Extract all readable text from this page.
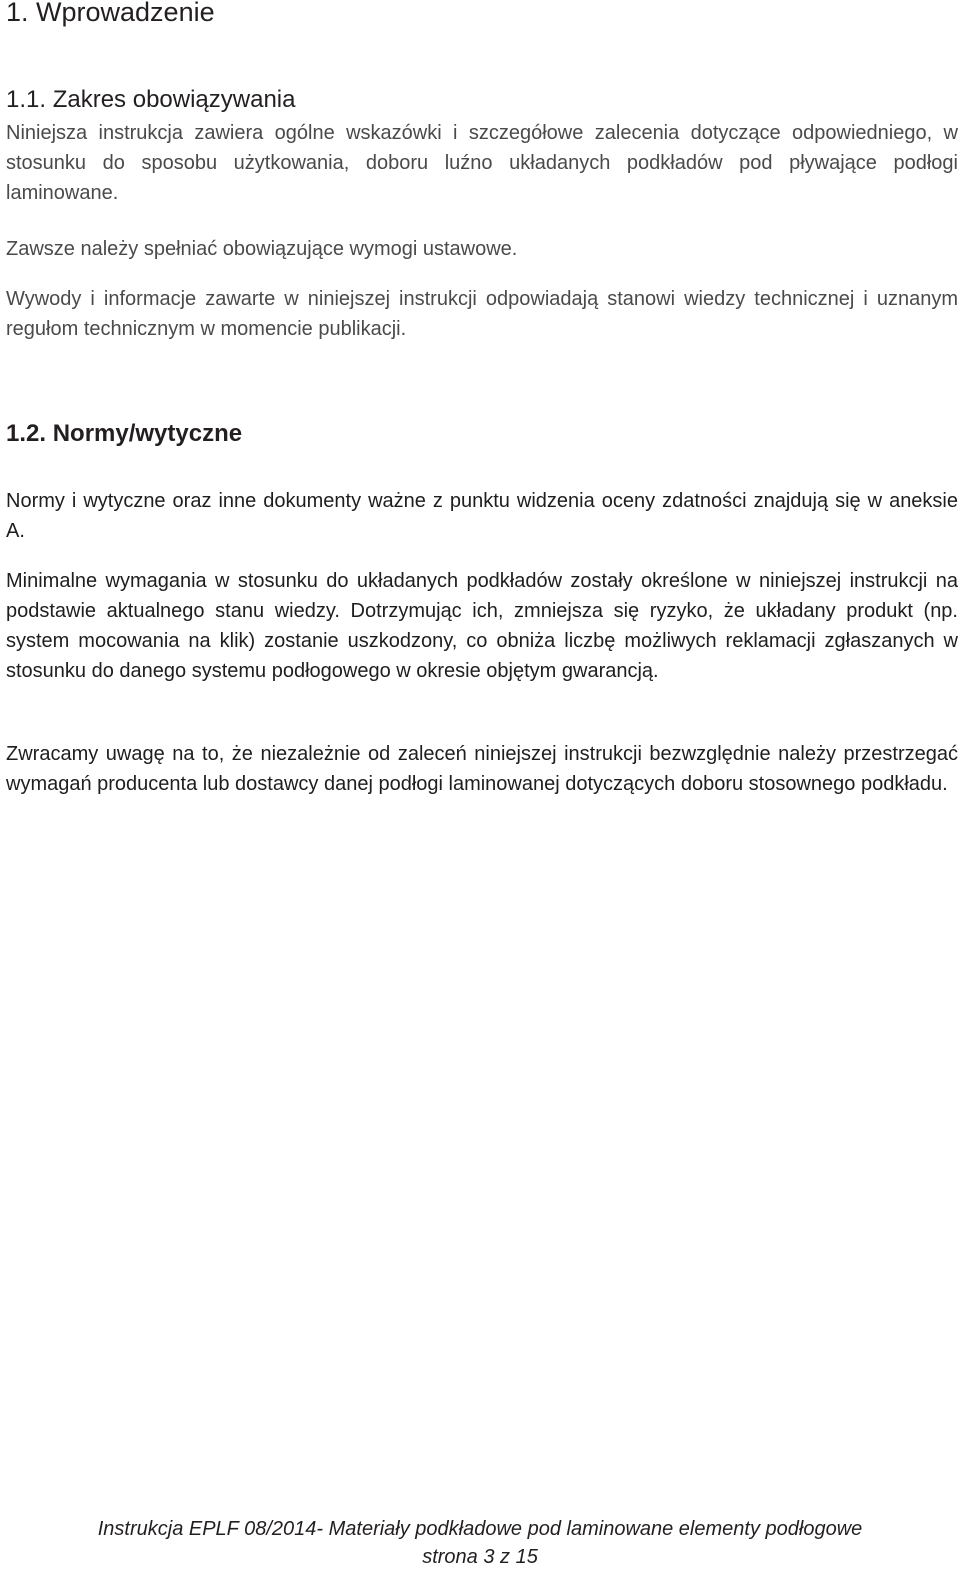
1. Wprowadzenie
1.1. Zakres obowiązywania

Niniejsza instrukcja zawiera ogólne wskazówki i szczegółowe zalecenia dotyczące odpowiedniego, w stosunku do sposobu użytkowania, doboru luźno układanych podkładów pod pływające podłogi laminowane.

Zawsze należy spełniać obowiązujące wymogi ustawowe.

Wywody i informacje zawarte w niniejszej instrukcji odpowiadają stanowi wiedzy technicznej i uznanym regułom technicznym w momencie publikacji.

1.2. Normy/wytyczne

Normy i wytyczne oraz inne dokumenty ważne z punktu widzenia oceny zdatności znajdują się w aneksie A.

Minimalne wymagania w stosunku do układanych podkładów zostały określone w niniejszej instrukcji na podstawie aktualnego stanu wiedzy. Dotrzymując ich, zmniejsza się ryzyko, że układany produkt (np. system mocowania na klik) zostanie uszkodzony, co obniża liczbę możliwych reklamacji zgłaszanych w stosunku do danego systemu podłogowego w okresie objętym gwarancją.

Zwracamy uwagę na to, że niezależnie od zaleceń niniejszej instrukcji bezwzględnie należy przestrzegać wymagań producenta lub dostawcy danej podłogi laminowanej dotyczących doboru stosownego podkładu.

Instrukcja EPLF 08/2014- Materiały podkładowe pod laminowane elementy podłogowe
strona 3 z 15
